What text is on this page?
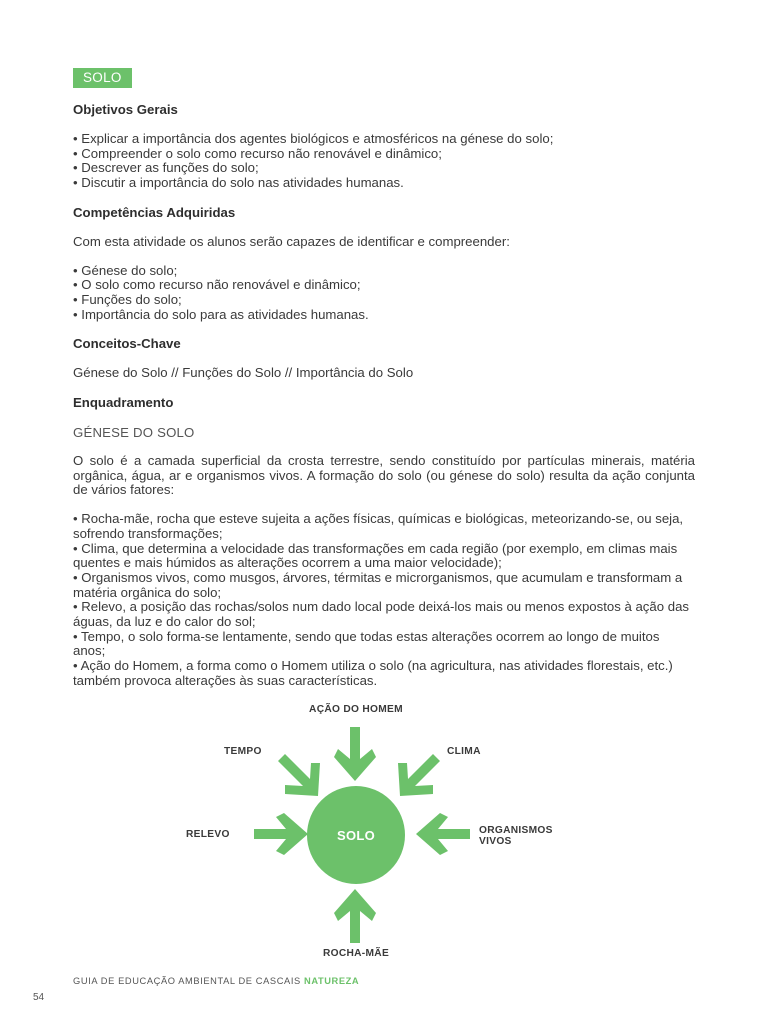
SOLO

Objetivos Gerais

• Explicar a importância dos agentes biológicos e atmosféricos na génese do solo;
• Compreender o solo como recurso não renovável e dinâmico;
• Descrever as funções do solo;
• Discutir a importância do solo nas atividades humanas.

Competências Adquiridas

Com esta atividade os alunos serão capazes de identificar e compreender:

• Génese do solo;
• O solo como recurso não renovável e dinâmico;
• Funções do solo;
• Importância do solo para as atividades humanas.

Conceitos-Chave

Génese do Solo // Funções do Solo // Importância do Solo

Enquadramento

GÉNESE DO SOLO

O solo é a camada superficial da crosta terrestre, sendo constituído por partículas minerais, matéria orgânica, água, ar e organismos vivos. A formação do solo (ou génese do solo) resulta da ação conjunta de vários fatores:

• Rocha-mãe, rocha que esteve sujeita a ações físicas, químicas e biológicas, meteorizando-se, ou seja, sofrendo transformações;
• Clima, que determina a velocidade das transformações em cada região (por exemplo, em climas mais quentes e mais húmidos as alterações ocorrem a uma maior velocidade);
• Organismos vivos, como musgos, árvores, térmitas e microrganismos, que acumulam e transformam a matéria orgânica do solo;
• Relevo, a posição das rochas/solos num dado local pode deixá-los mais ou menos expostos à ação das águas, da luz e do calor do sol;
• Tempo, o solo forma-se lentamente, sendo que todas estas alterações ocorrem ao longo de muitos anos;
• Ação do Homem, a forma como o Homem utiliza o solo (na agricultura, nas atividades florestais, etc.) também provoca alterações às suas características.
SOLO
AÇÃO DO HOMEM
TEMPO	CLIMA
RELEVO	ORGANISMOS
VIVOS
ROCHA-MÃE
GUIA DE EDUCAÇÃO AMBIENTAL DE CASCAIS NATUREZA
54
